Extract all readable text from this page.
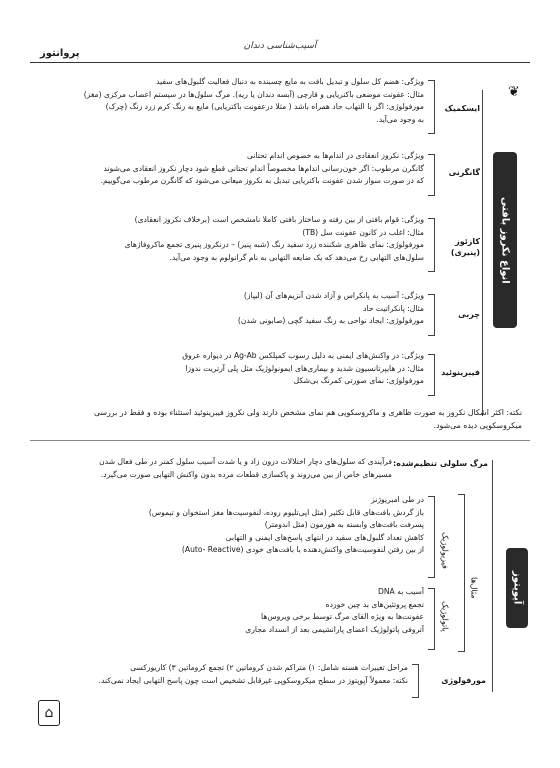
آسیب‌شناسی دندان
پروانتوز
❦
انواع نکروز بافتی

ویژگی: هضم کل سلول و تبدیل بافت به مایع چسبنده به دنبال فعالیت گلبول‌های سفید

مثال: عفونت موضعی باکتریایی و قارچی (آبسه دندان یا ریه). مرگ سلول‌ها در سیستم اعصاب مرکزی (مغز)

مورفولوژی: اگر با التهاب حاد همراه باشد ( مثلا درعفونت باکتریایی) مایع به رنگ کرم زرد رنگ (چرک)

به وجود می‌آید.

ایسکمیک

ویژگی: نکروز انعقادی در اندام‌ها به خصوص اندام تحتانی

گانگرن مرطوب: اگر خون‌رسانی اندام‌ها مخصوصاً اندام تحتانی قطع شود دچار نکروز انعقادی می‌شوند

که در صورت سوار شدن عفونت باکتریایی تبدیل به نکروز میعانی می‌شود که گانگرن مرطوب می‌گوییم.

گانگرنی

ویژگی: قوام بافتی از بین رفته و ساختار بافتی کاملا نامشخص است (برخلاف نکروز انعقادی)

مثال: اغلب در کانون عفونت سل (TB)

مورفولوژی: نمای ظاهری شکننده زرد سفید رنگ (شبه پنیر) – درنکروز پنیری تجمع ماکروفاژهای

سلول‌های التهابی رخ می‌دهد که یک ضایعه التهابی به نام گرانولوم به وجود می‌آید.

کازئوز (پنیری)

ویژگی: آسیب به پانکراس و آزاد شدن آنزیم‌های آن (لیپاز)

مثال: پانکراتیت حاد

مورفولوژی: ایجاد نواحی به رنگ سفید گچی (صابونی شدن)

چربی

ویژگی: در واکنش‌های ایمنی به دلیل رسوب کمپلکس Ag-Ab در دیواره عروق

مثال: در هایپرتانسیون شدید و بیماری‌های ایمونولوژیک مثل پلی آرتریت ندوزا

مورفولوژی: نمای صورتی کمرنگ بی‌شکل

فیبرینوئید
نکته: اکثر اشکال نکروز به صورت ظاهری و ماکروسکوپی هم نمای مشخص دارند ولی نکروز فیبرینوئید استثناء بوده و فقط در بررسی
میکروسکوپی دیده می‌شود.
آپوپتوز
مرگ سلولی تنظیم‌شده:

فرآیندی که سلول‌های دچار اختلالات درون زاد و یا شدت آسیب سلول کمتر در طی فعال شدن

مسیرهای خاص از بین می‌روند و پاکسازی قطعات مرده بدون واکنش التهابی صورت می‌گیرد.

مثال‌ها
فیزیولوژیک

در طی امبریوژنز

باز گردش بافت‌های قابل تکثیر (مثل اپی‌تلیوم روده، لنفوسیت‌ها مغز استخوان و تیموس)

پسرفت بافت‌های وابسته به هورمون (مثل اندومتر)

کاهش تعداد گلبول‌های سفید در انتهای پاسخ‌های ایمنی و التهابی

از بین رفتن لنفوسیت‌های واکنش‌دهنده با بافت‌های خودی (Auto- Reactive)

پاتولوژیک

آسیب به DNA

تجمع پروتئین‌های بد چین خورده

عفونت‌ها به ویژه القای مرگ توسط برخی ویروس‌ها

آتروفی پاتولوژیک اعضای پارانشیمی بعد از انسداد مجاری

مورفولوژی

مراحل تغییرات هسته شامل: ۱) متراکم شدن کروماتین ۲) تجمع کروماتین ۳) کاریورکسی

نکته: معمولاً آپوپتوز در سطح میکروسکوپی غیرقابل تشخیص است چون پاسخ التهابی ایجاد نمی‌کند.

⌂
